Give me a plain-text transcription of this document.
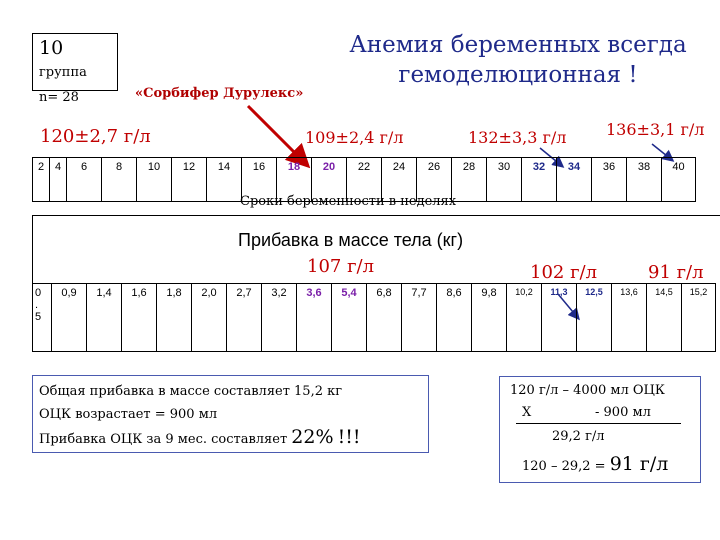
10 группа
n= 28
Анемия беременных всегда
гемоделюционная !
«Сорбифер Дурулекс»
120±2,7 г/л	109±2,4 г/л	132±3,3 г/л 136±3,1 г/л
2	4	6	8	10	12	14	16	18	20	22	24	26	28	30	32	34	36	38	40
Сроки беременности в неделях
Прибавка в массе тела (кг)
107 г/л	102 г/л	91 г/л
0
.
5
	0,9	1,4	1,6	1,8	2,0	2,7	3,2	3,6	5,4	6,8	7,7	8,6	9,8	10,2	11,3	12,5	13,6	14,5	15,2
Общая прибавка в массе составляет 15,2 кг
ОЦК возрастает = 900 мл
Прибавка ОЦК за 9 мес. составляет 22% !!!
120 г/л – 4000 мл ОЦК
Х	- 900 мл
29,2 г/л
120 – 29,2 = 91 г/л
